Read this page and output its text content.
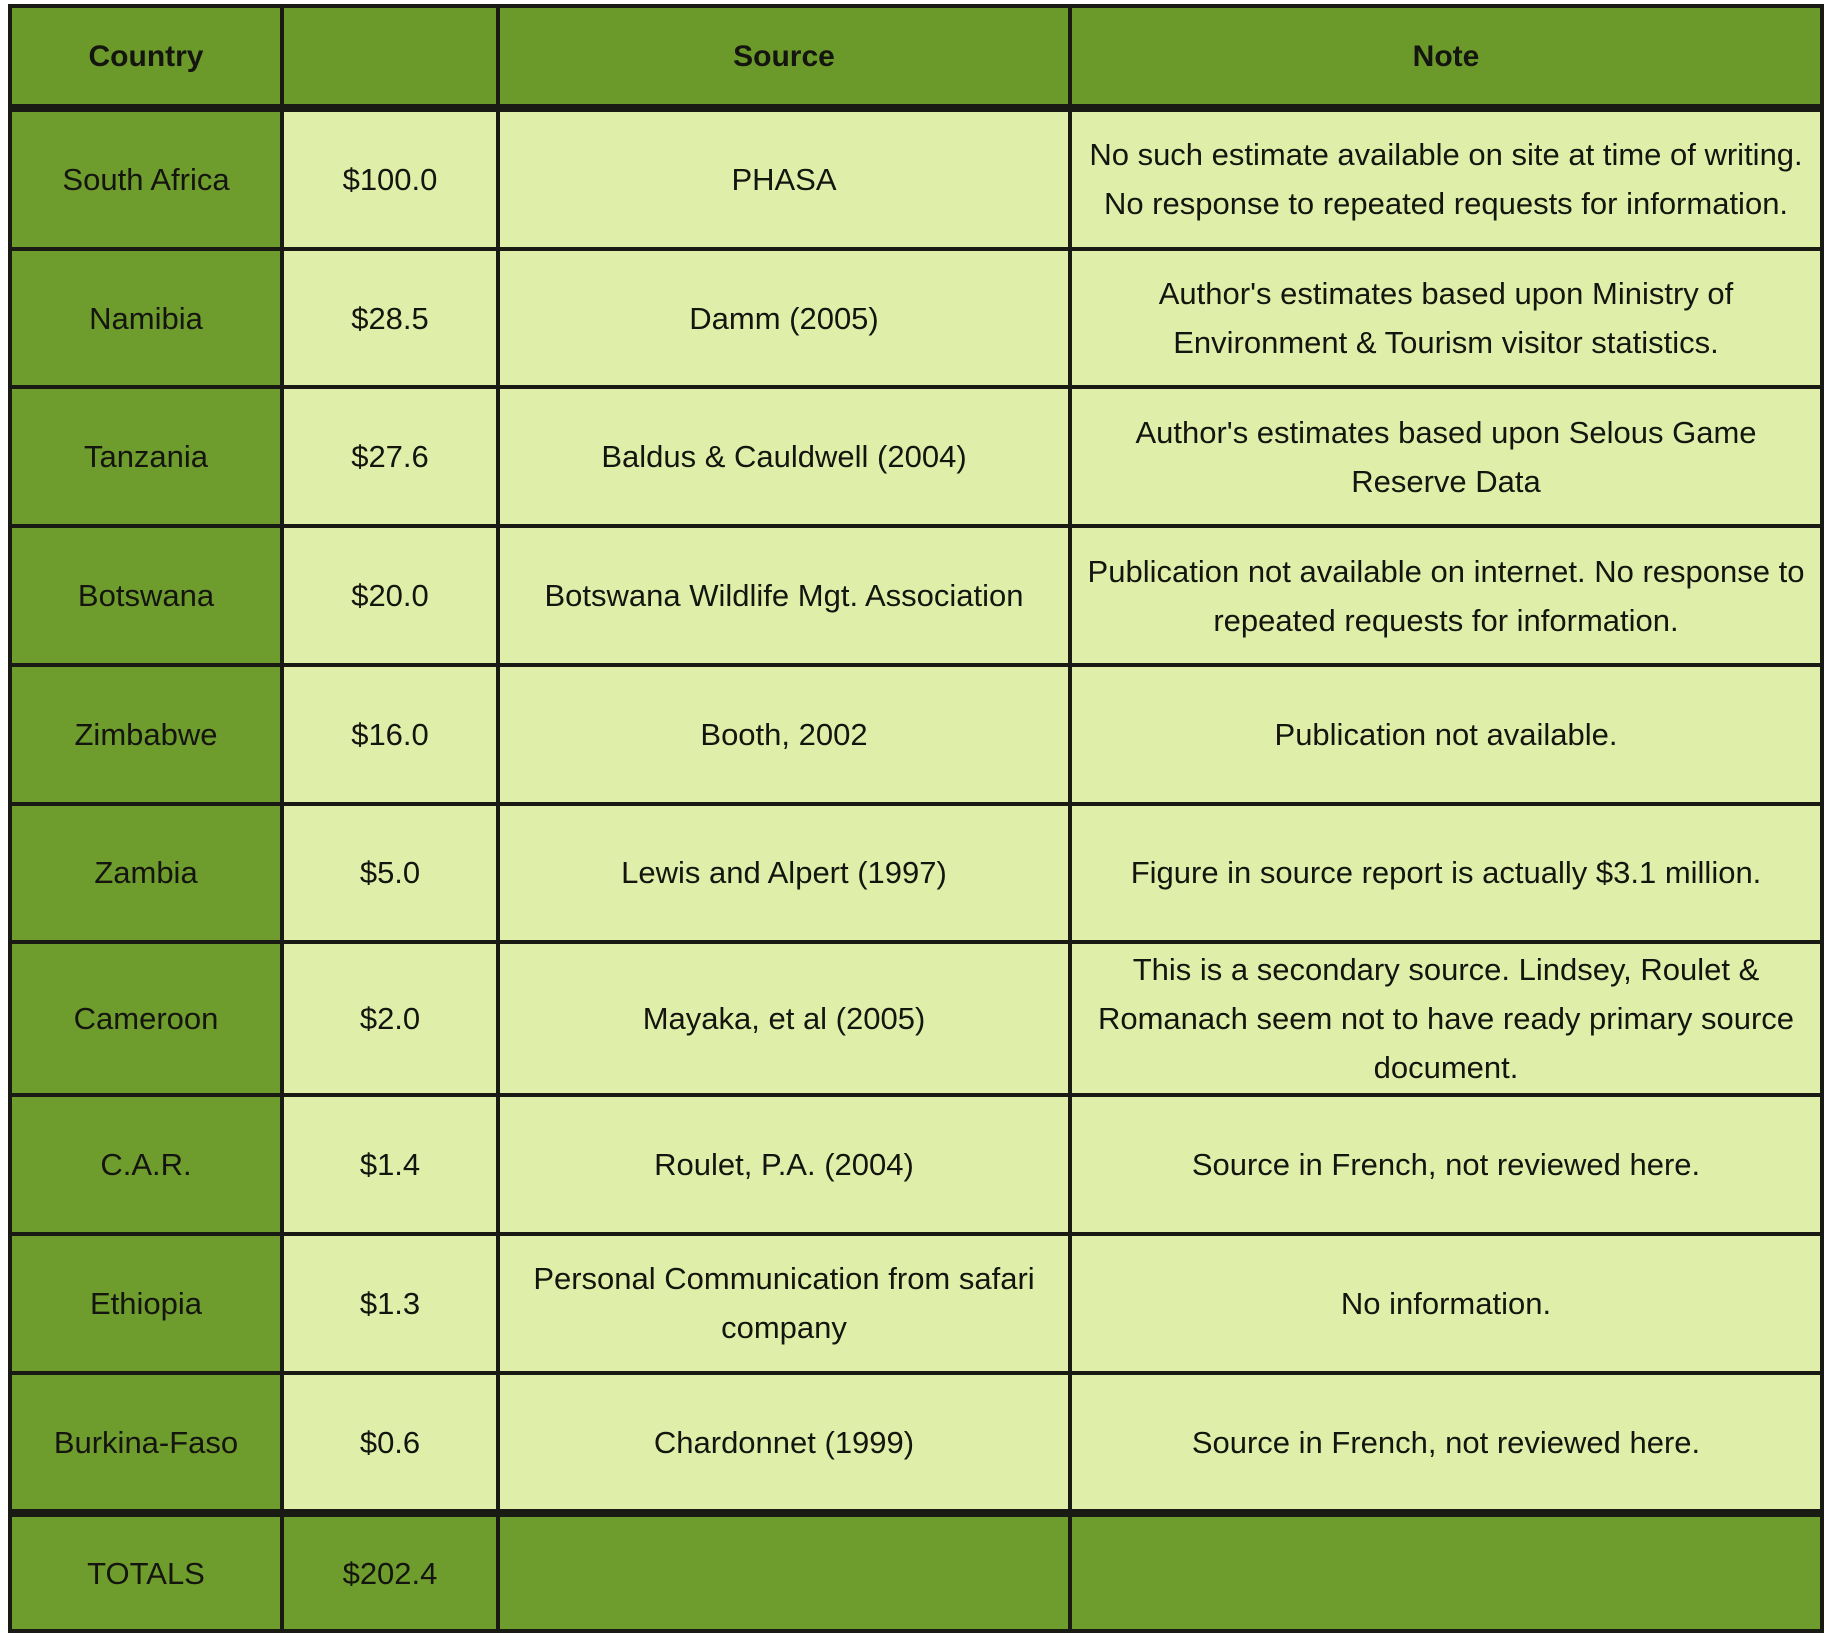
Country		Source	Note
South Africa	$100.0	PHASA	No such estimate available on site at time of writing. No response to repeated requests for information.
Namibia	$28.5	Damm (2005)	Author's estimates based upon Ministry of Environment & Tourism visitor statistics.
Tanzania	$27.6	Baldus & Cauldwell (2004)	Author's estimates based upon Selous Game Reserve Data
Botswana	$20.0	Botswana Wildlife Mgt. Association	Publication not available on internet. No response to repeated requests for information.
Zimbabwe	$16.0	Booth, 2002	Publication not available.
Zambia	$5.0	Lewis and Alpert (1997)	Figure in source report is actually $3.1 million.
Cameroon	$2.0	Mayaka, et al (2005)	This is a secondary source. Lindsey, Roulet & Romanach seem not to have ready primary source document.
C.A.R.	$1.4	Roulet, P.A. (2004)	Source in French, not reviewed here.
Ethiopia	$1.3	Personal Communication from safari company	No information.
Burkina-Faso	$0.6	Chardonnet (1999)	Source in French, not reviewed here.
TOTALS	$202.4		
